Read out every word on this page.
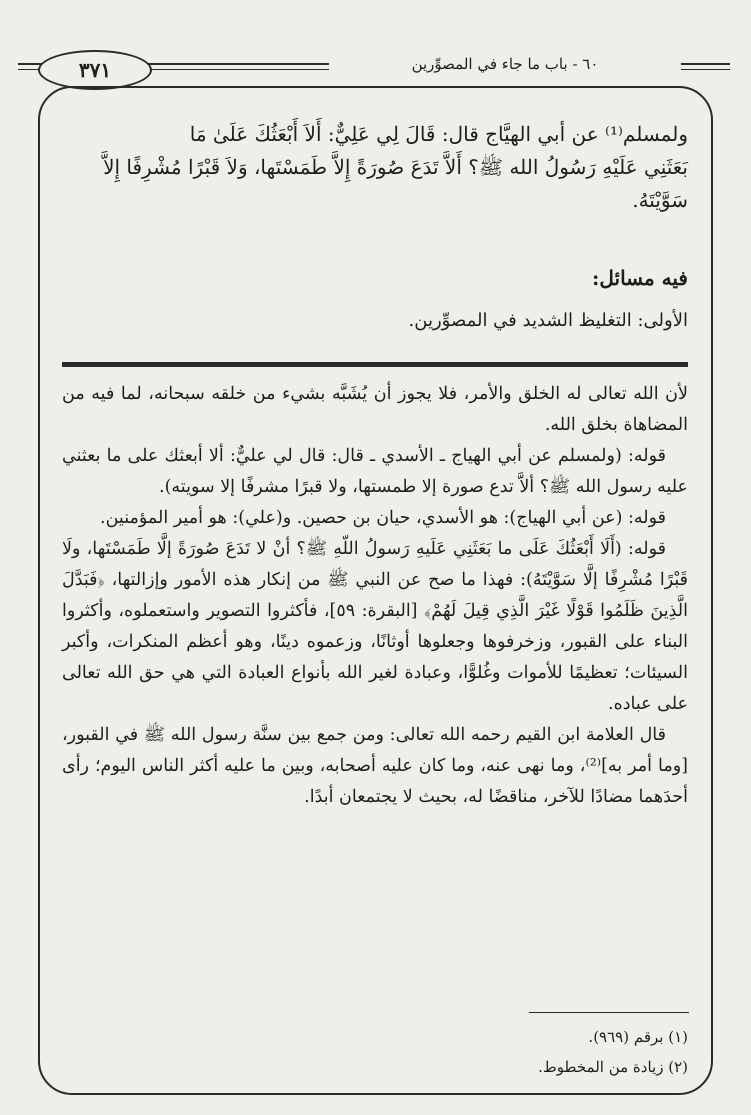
٣٧١	٦٠ - باب ما جاء في المصوِّرين
ولمسلم⁽¹⁾ عن أبي الهيَّاج قال: قَالَ لِي عَلِيٌّ: أَلاَ أَبْعَثُكَ عَلَىٰ مَا
بَعَثَنِي عَلَيْهِ رَسُولُ الله ﷺ؟ أَلاَّ تَدَعَ صُورَةً إِلاَّ طَمَسْتَها، وَلاَ قَبْرًا مُشْرِفًا إِلاَّ
سَوَّيْتَهُ.
فيه مسائل:
الأولى: التغليظ الشديد في المصوِّرين.

لأن الله تعالى له الخلق والأمر، فلا يجوز أن يُشَبَّه بشيء من خلقه سبحانه، لما فيه من المضاهاة بخلق الله.

قوله: (ولمسلم عن أبي الهياج ـ الأسدي ـ قال: قال لي عليٌّ: ألا أبعثك على ما بعثني عليه رسول الله ﷺ؟ ألاَّ تدع صورة إلا طمستها، ولا قبرًا مشرفًا إلا سويته).

قوله: (عن أبي الهياج): هو الأسدي، حيان بن حصين. و(علي): هو أمير المؤمنين.

قوله: (أَلَا أَبْعَثُكَ عَلَى ما بَعَثَنِي عَلَيهِ رَسولُ اللّهِ ﷺ؟ أنْ لا تَدَعَ صُورَةً إلَّا طَمَسْتَها، ولَا قَبْرًا مُشْرِفًا إلَّا سَوَّيْتَهُ): فهذا ما صح عن النبي ﷺ من إنكار هذه الأمور وإزالتها، ﴿فَبَدَّلَ الَّذِينَ ظَلَمُوا قَوْلًا غَيْرَ الَّذِي قِيلَ لَهُمْ﴾ [البقرة: ٥٩]، فأكثروا التصوير واستعملوه، وأكثروا البناء على القبور، وزخرفوها وجعلوها أوثانًا، وزعموه دينًا، وهو أعظم المنكرات، وأكبر السيئات؛ تعظيمًا للأموات وغُلوًّا، وعبادة لغير الله بأنواع العبادة التي هي حق الله تعالى على عباده.

قال العلامة ابن القيم رحمه الله تعالى: ومن جمع بين سنَّة رسول الله ﷺ في القبور، [وما أمر به]⁽²⁾، وما نهى عنه، وما كان عليه أصحابه، وبين ما عليه أكثر الناس اليوم؛ رأى أحدَهما مضادًا للآخر، مناقضًا له، بحيث لا يجتمعان أبدًا.

(١) برقم (٩٦٩).
(٢) زيادة من المخطوط.
